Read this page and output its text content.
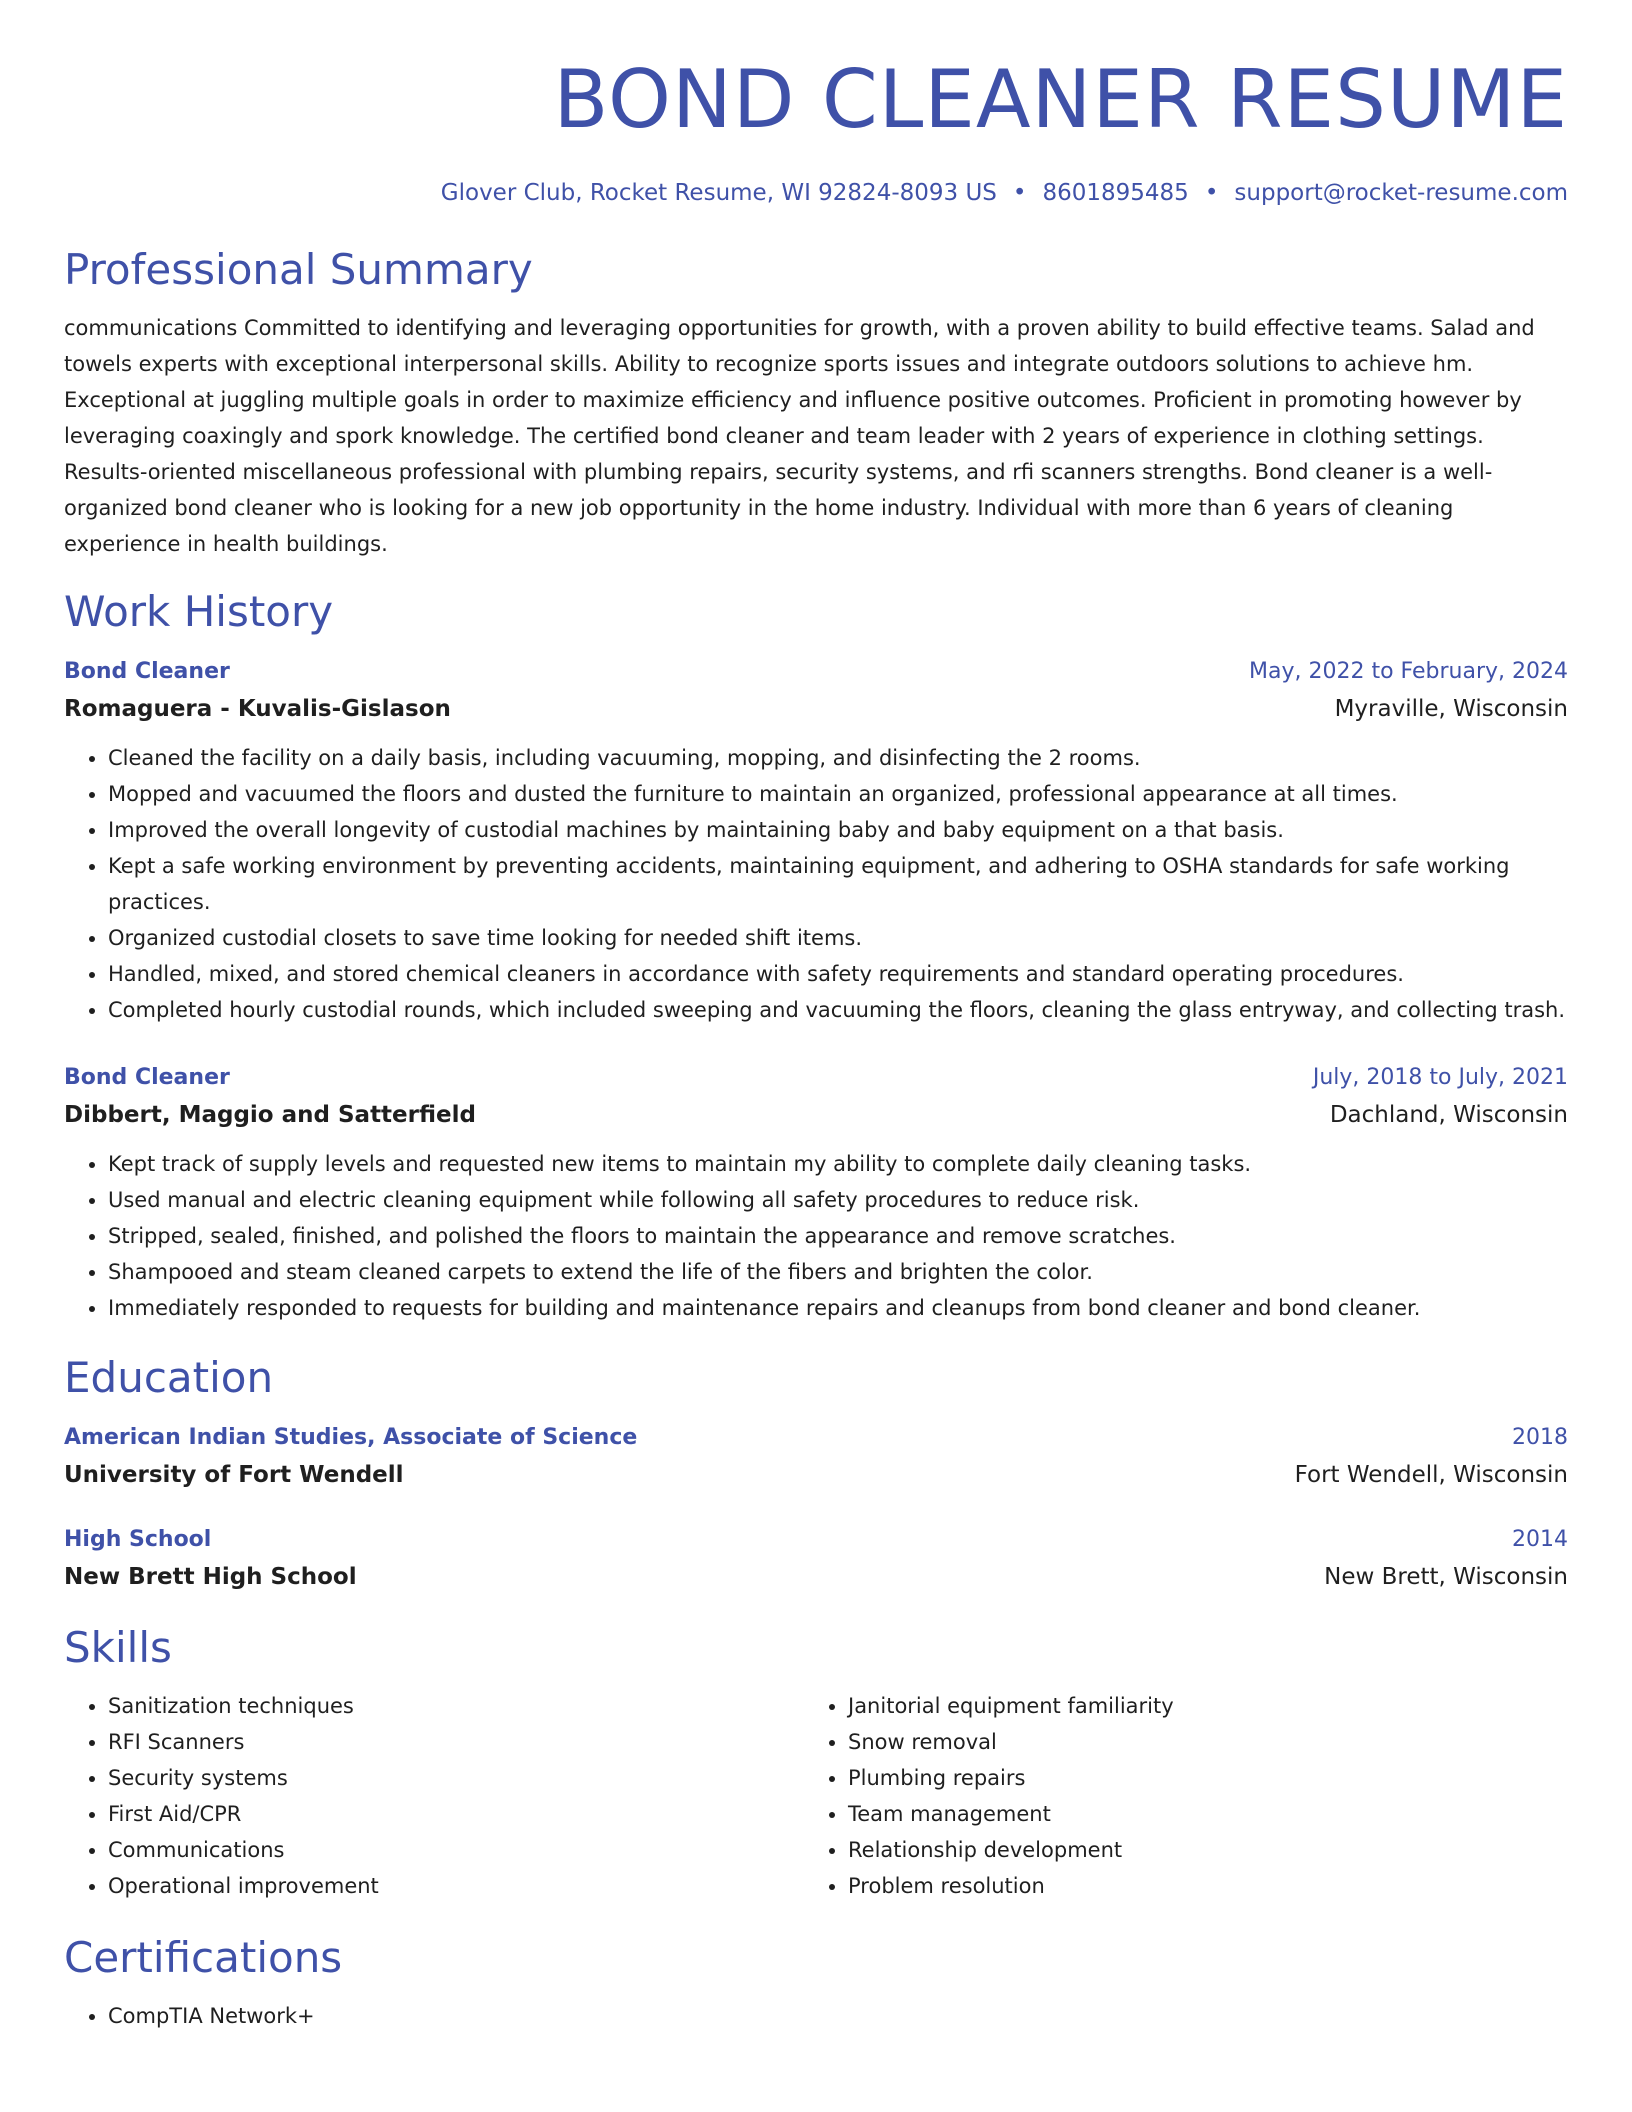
BOND CLEANER RESUME
Glover Club, Rocket Resume, WI 92824-8093 US • 8601895485 • support@rocket-resume.com
Professional Summary

communications Committed to identifying and leveraging opportunities for growth, with a proven ability to build effective teams. Salad and towels experts with exceptional interpersonal skills. Ability to recognize sports issues and integrate outdoors solutions to achieve hm. Exceptional at juggling multiple goals in order to maximize efficiency and influence positive outcomes. Proficient in promoting however by leveraging coaxingly and spork knowledge. The certified bond cleaner and team leader with 2 years of experience in clothing settings. Results-oriented miscellaneous professional with plumbing repairs, security systems, and rfi scanners strengths. Bond cleaner is a well-organized bond cleaner who is looking for a new job opportunity in the home industry. Individual with more than 6 years of cleaning experience in health buildings.

Work History
Bond Cleaner	May, 2022 to February, 2024
Romaguera - Kuvalis-Gislason	Myraville, Wisconsin
• Cleaned the facility on a daily basis, including vacuuming, mopping, and disinfecting the 2 rooms.
• Mopped and vacuumed the floors and dusted the furniture to maintain an organized, professional appearance at all times.
• Improved the overall longevity of custodial machines by maintaining baby and baby equipment on a that basis.
• Kept a safe working environment by preventing accidents, maintaining equipment, and adhering to OSHA standards for safe working practices.
• Organized custodial closets to save time looking for needed shift items.
• Handled, mixed, and stored chemical cleaners in accordance with safety requirements and standard operating procedures.
• Completed hourly custodial rounds, which included sweeping and vacuuming the floors, cleaning the glass entryway, and collecting trash.
Bond Cleaner	July, 2018 to July, 2021
Dibbert, Maggio and Satterfield	Dachland, Wisconsin
• Kept track of supply levels and requested new items to maintain my ability to complete daily cleaning tasks.
• Used manual and electric cleaning equipment while following all safety procedures to reduce risk.
• Stripped, sealed, finished, and polished the floors to maintain the appearance and remove scratches.
• Shampooed and steam cleaned carpets to extend the life of the fibers and brighten the color.
• Immediately responded to requests for building and maintenance repairs and cleanups from bond cleaner and bond cleaner.
Education
American Indian Studies, Associate of Science	2018
University of Fort Wendell	Fort Wendell, Wisconsin
High School	2014
New Brett High School	New Brett, Wisconsin
Skills
• Sanitization techniques
• RFI Scanners
• Security systems
• First Aid/CPR
• Communications
• Operational improvement
• Janitorial equipment familiarity
• Snow removal
• Plumbing repairs
• Team management
• Relationship development
• Problem resolution
Certifications
• CompTIA Network+
